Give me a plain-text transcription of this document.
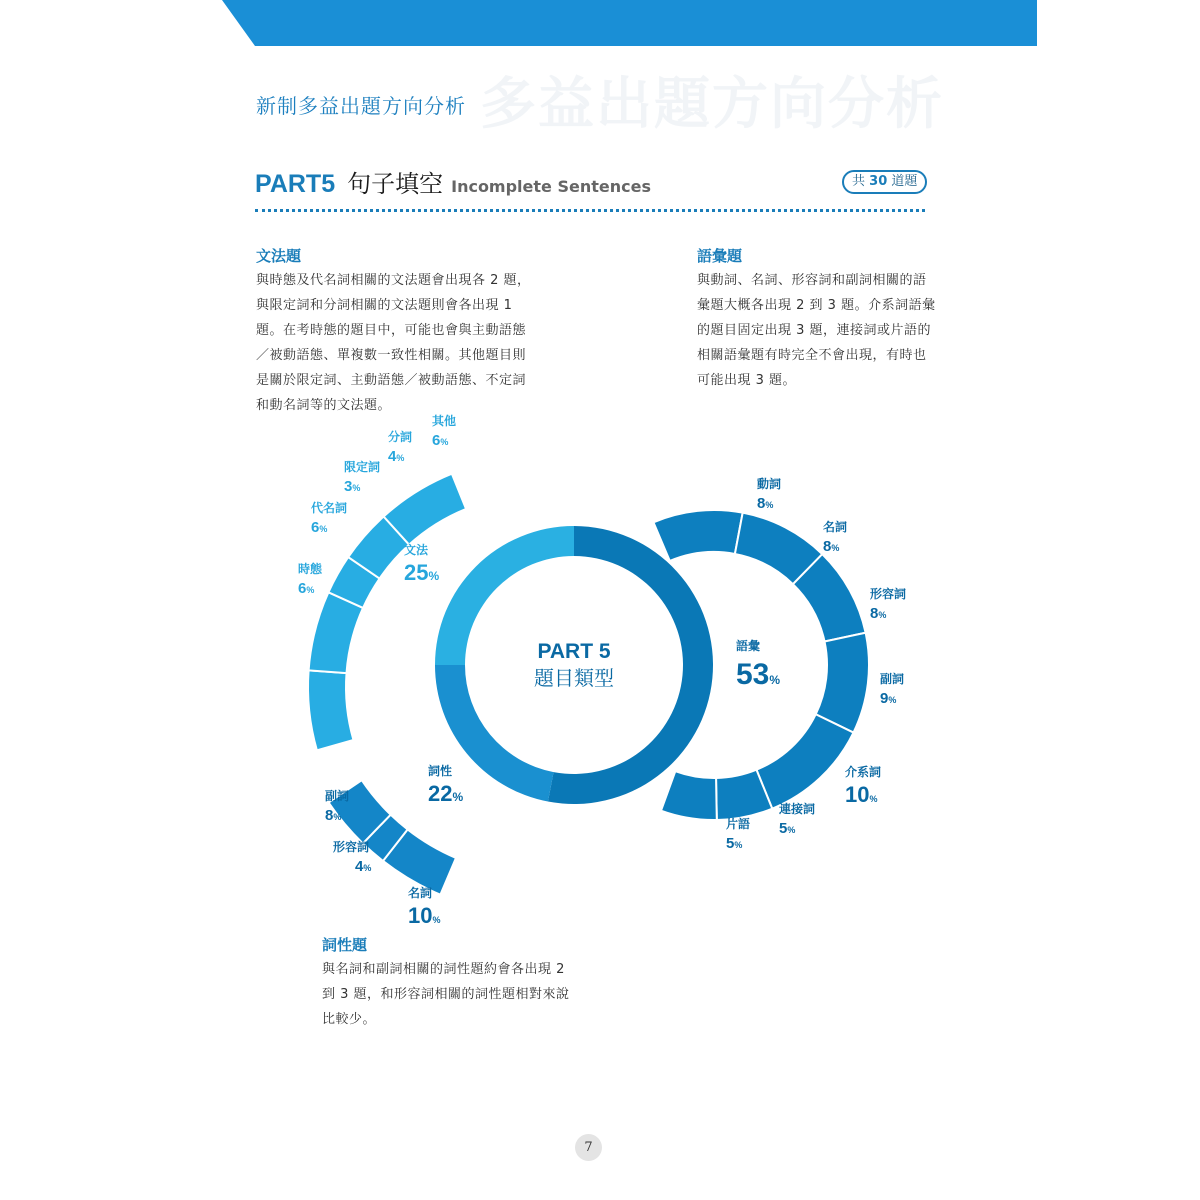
多益出題方向分析
新制多益出題方向分析
PART5 句子填空 Incomplete Sentences	共 30 道題
文法題
與時態及代名詞相關的文法題會出現各 2 題，
與限定詞和分詞相關的文法題則會各出現 1
題。在考時態的題目中，可能也會與主動語態
／被動語態、單複數一致性相關。其他題目則
是關於限定詞、主動語態／被動語態、不定詞
和動名詞等的文法題。
語彙題
與動詞、名詞、形容詞和副詞相關的語
彙題大概各出現 2 到 3 題。介系詞語彙
的題目固定出現 3 題，連接詞或片語的
相關語彙題有時完全不會出現，有時也
可能出現 3 題。
詞性題
與名詞和副詞相關的詞性題約會各出現 2
到 3 題，和形容詞相關的詞性題相對來說
比較少。
PART 5
題目類型
語彙
53%
詞性
22%
文法
25%
動詞
8%
名詞
8%
形容詞
8%
副詞
9%
介系詞
10%
連接詞
5%
片語
5%
名詞
10%
形容詞
4%
副詞
8%
時態
6%
代名詞
6%
限定詞
3%
分詞
4%
其他
6%
7
